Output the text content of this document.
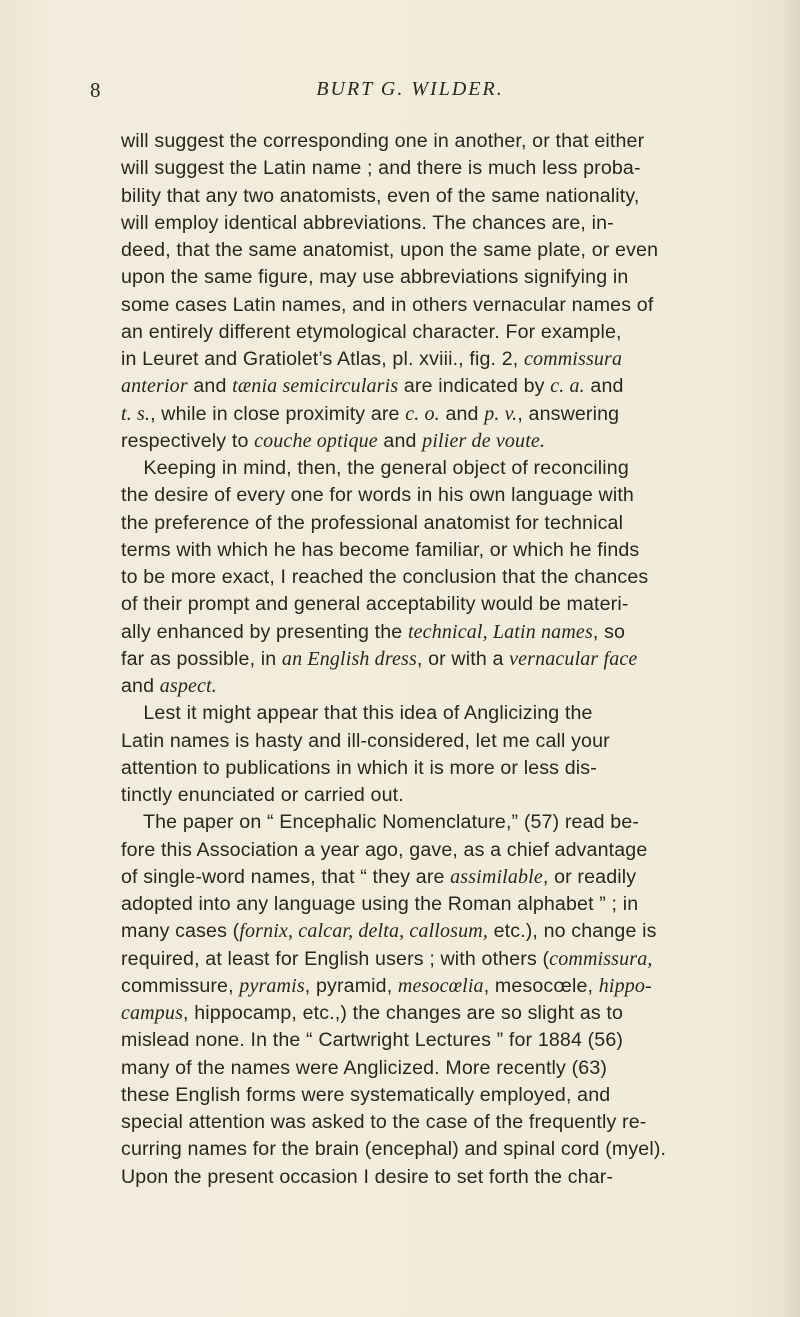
8	BURT G. WILDER.
will suggest the corresponding one in another, or that either
will suggest the Latin name ; and there is much less proba-
bility that any two anatomists, even of the same nationality,
will employ identical abbreviations. The chances are, in-
deed, that the same anatomist, upon the same plate, or even
upon the same figure, may use abbreviations signifying in
some cases Latin names, and in others vernacular names of
an entirely different etymological character. For example,
in Leuret and Gratiolet’s Atlas, pl. xviii., fig. 2, commissura
anterior and tænia semicircularis are indicated by c. a. and
t. s., while in close proximity are c. o. and p. v., answering
respectively to couche optique and pilier de voute.
Keeping in mind, then, the general object of reconciling
the desire of every one for words in his own language with
the preference of the professional anatomist for technical
terms with which he has become familiar, or which he finds
to be more exact, I reached the conclusion that the chances
of their prompt and general acceptability would be materi-
ally enhanced by presenting the technical, Latin names, so
far as possible, in an English dress, or with a vernacular face
and aspect.
Lest it might appear that this idea of Anglicizing the
Latin names is hasty and ill-considered, let me call your
attention to publications in which it is more or less dis-
tinctly enunciated or carried out.
The paper on “ Encephalic Nomenclature,” (57) read be-
fore this Association a year ago, gave, as a chief advantage
of single-word names, that “ they are assimilable, or readily
adopted into any language using the Roman alphabet ” ; in
many cases (fornix, calcar, delta, callosum, etc.), no change is
required, at least for English users ; with others (commissura,
commissure, pyramis, pyramid, mesocœlia, mesocœle, hippo-
campus, hippocamp, etc.,) the changes are so slight as to
mislead none. In the “ Cartwright Lectures ” for 1884 (56)
many of the names were Anglicized. More recently (63)
these English forms were systematically employed, and
special attention was asked to the case of the frequently re-
curring names for the brain (encephal) and spinal cord (myel).
Upon the present occasion I desire to set forth the char-
